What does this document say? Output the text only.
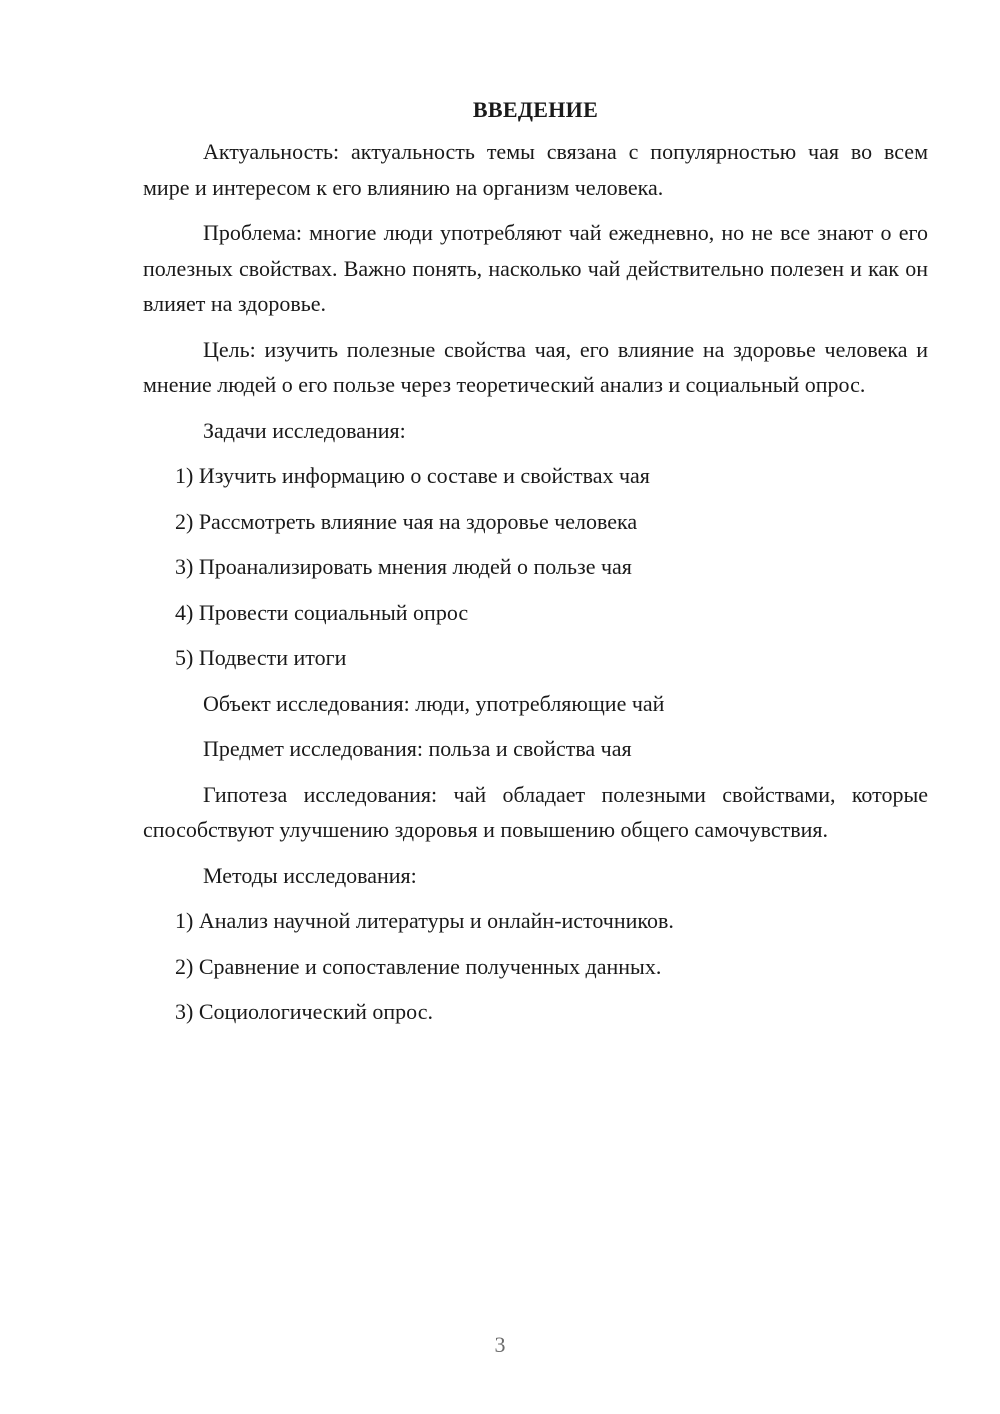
ВВЕДЕНИЕ

Актуальность: актуальность темы связана с популярностью чая во всем мире и интересом к его влиянию на организм человека.

Проблема: многие люди употребляют чай ежедневно, но не все знают о его полезных свойствах. Важно понять, насколько чай действительно полезен и как он влияет на здоровье.

Цель: изучить полезные свойства чая, его влияние на здоровье человека и мнение людей о его пользе через теоретический анализ и социальный опрос.

Задачи исследования:
1) Изучить информацию о составе и свойствах чая
2) Рассмотреть влияние чая на здоровье человека
3) Проанализировать мнения людей о пользе чая
4) Провести социальный опрос
5) Подвести итоги
Объект исследования: люди, употребляющие чай
Предмет исследования: польза и свойства чая

Гипотеза исследования: чай обладает полезными свойствами, которые способствуют улучшению здоровья и повышению общего самочувствия.

Методы исследования:
1) Анализ научной литературы и онлайн-источников.
2) Сравнение и сопоставление полученных данных.
3) Социологический опрос.
3
